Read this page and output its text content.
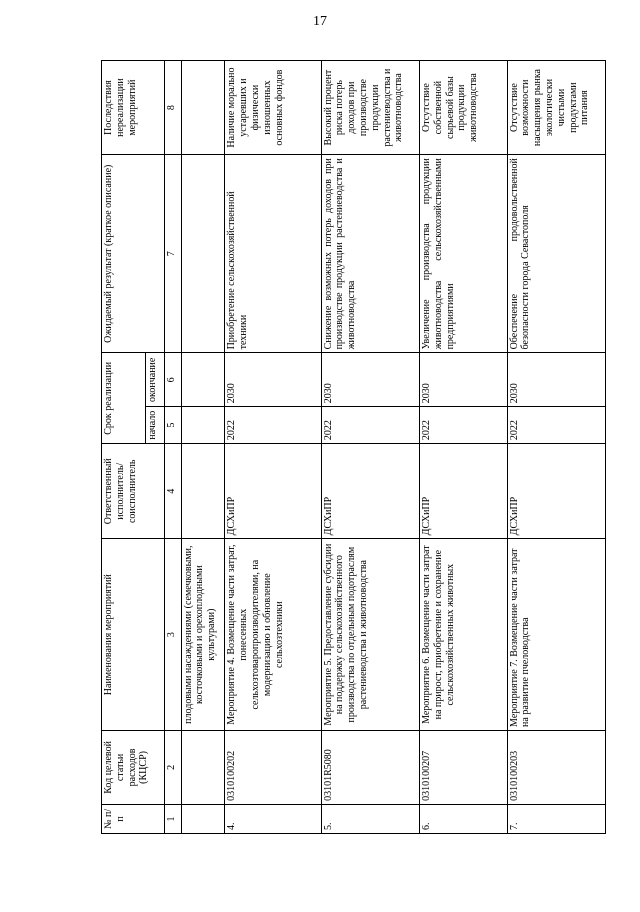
17
№ п/п	Код целевой статьи расходов (КЦСР)	Наименования мероприятий	Ответственный исполнитель/ соисполнитель	Срок реализации		Ожидаемый результат (краткое описание)	Последствия нереализации мероприятий
				начало	окончание		
1	2	3	4	5	6	7	8
		плодовыми насаждениями (семечковыми, косточковыми и орехоплодными культурами)					
4.	0310100202	Мероприятие 4. Возмещение части затрат, понесенных сельхозтоваропроизводителями, на модернизацию и обновление сельхозтехники	ДСХиПР	2022	2030	Приобретение сельскохозяйственной техники	Наличие морально устаревших и физически изношенных основных фондов
5.	03101R5080	Мероприятие 5. Предоставление субсидии на поддержку сельскохозяйственного производства по отдельным подотраслям растениеводства и животноводства	ДСХиПР	2022	2030	Снижение возможных потерь доходов при производстве продукции растениеводства и животноводства	Высокий процент риска потерь доходов при производстве продукции растениеводства и животноводства
6.	0310100207	Мероприятие 6. Возмещение части затрат на прирост, приобретение и сохранение сельскохозяйственных животных	ДСХиПР	2022	2030	Увеличение производства продукции животноводства сельскохозяйственными предприятиями	Отсутствие собственной сырьевой базы продукции животноводства
7.	0310100203	Мероприятие 7. Возмещение части затрат на развитие пчеловодства	ДСХиПР	2022	2030	Обеспечение продовольственной безопасности города Севастополя	Отсутствие возможности насыщения рынка экологически чистыми продуктами питания
